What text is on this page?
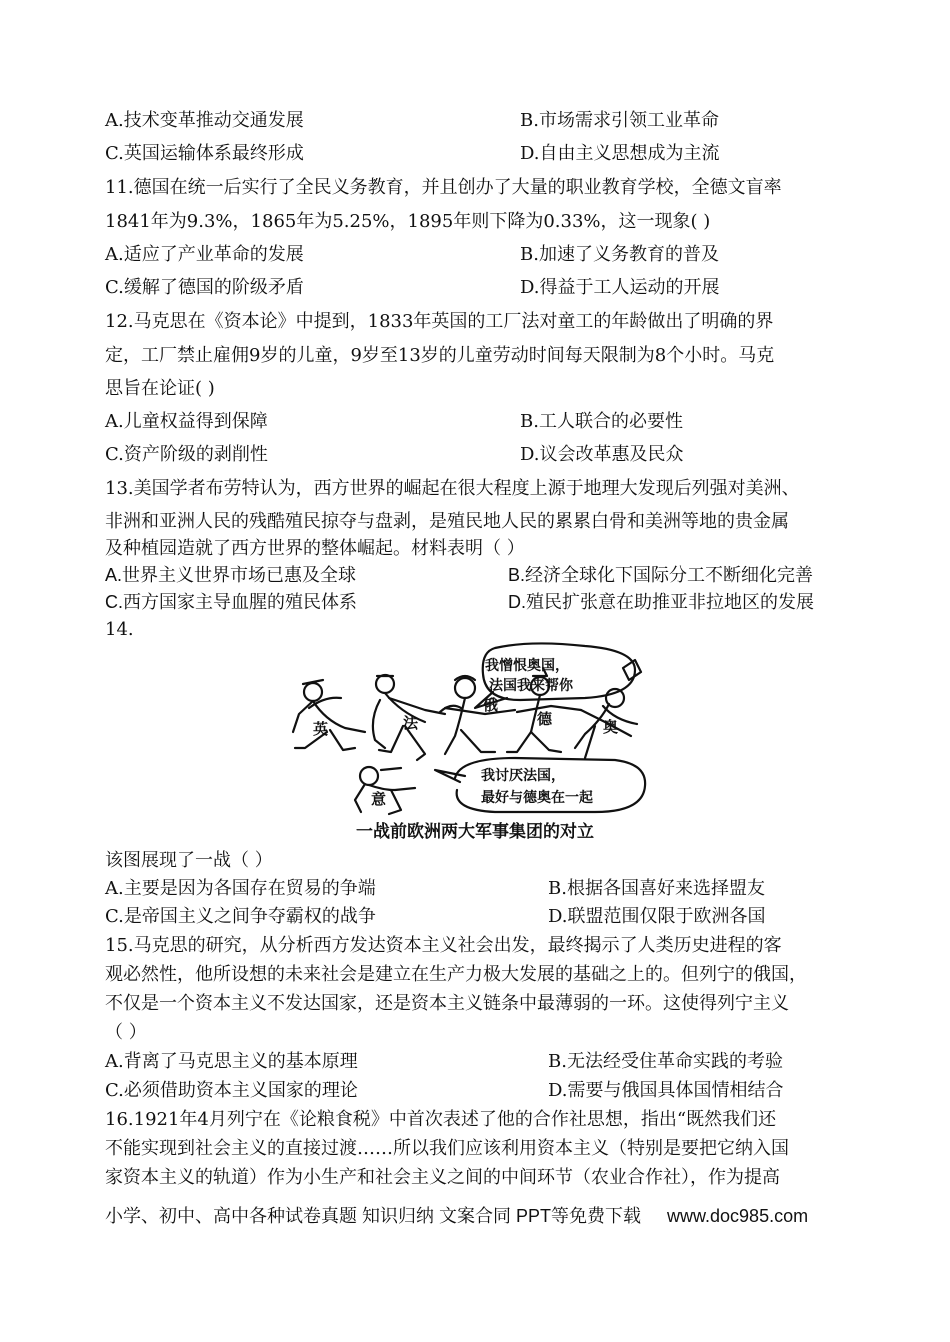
A.技术变革推动交通发展	B.市场需求引领工业革命
C.英国运输体系最终形成	D.自由主义思想成为主流
11.德国在统一后实行了全民义务教育，并且创办了大量的职业教育学校，全德文盲率
1841年为9.3%，1865年为5.25%，1895年则下降为0.33%，这一现象( )
A.适应了产业革命的发展	B.加速了义务教育的普及
C.缓解了德国的阶级矛盾	D.得益于工人运动的开展
12.马克思在《资本论》中提到，1833年英国的工厂法对童工的年龄做出了明确的界
定，工厂禁止雇佣9岁的儿童，9岁至13岁的儿童劳动时间每天限制为8个小时。马克
思旨在论证( )
A.儿童权益得到保障	B.工人联合的必要性
C.资产阶级的剥削性	D.议会改革惠及民众
13.美国学者布劳特认为，西方世界的崛起在很大程度上源于地理大发现后列强对美洲、
非洲和亚洲人民的残酷殖民掠夺与盘剥，是殖民地人民的累累白骨和美洲等地的贵金属
及种植园造就了西方世界的整体崛起。材料表明（ ）
A.世界主义世界市场已惠及全球	B.经济全球化下国际分工不断细化完善
C.西方国家主导血腥的殖民体系	D.殖民扩张意在助推亚非拉地区的发展
14.
我憎恨奥国，
法国我来帮你
我讨厌法国，
最好与德奥在一起
英	法
俄
德	奥
意
一战前欧洲两大军事集团的对立
该图展现了一战（ ）
A.主要是因为各国存在贸易的争端	B.根据各国喜好来选择盟友
C.是帝国主义之间争夺霸权的战争	D.联盟范围仅限于欧洲各国
15.马克思的研究，从分析西方发达资本主义社会出发，最终揭示了人类历史进程的客
观必然性，他所设想的未来社会是建立在生产力极大发展的基础之上的。但列宁的俄国，
不仅是一个资本主义不发达国家，还是资本主义链条中最薄弱的一环。这使得列宁主义
（ ）
A.背离了马克思主义的基本原理	B.无法经受住革命实践的考验
C.必须借助资本主义国家的理论	D.需要与俄国具体国情相结合
16.1921年4月列宁在《论粮食税》中首次表述了他的合作社思想，指出“既然我们还
不能实现到社会主义的直接过渡……所以我们应该利用资本主义（特别是要把它纳入国
家资本主义的轨道）作为小生产和社会主义之间的中间环节（农业合作社），作为提高
小学、初中、高中各种试卷真题 知识归纳 文案合同 PPT等免费下载 www.doc985.com
